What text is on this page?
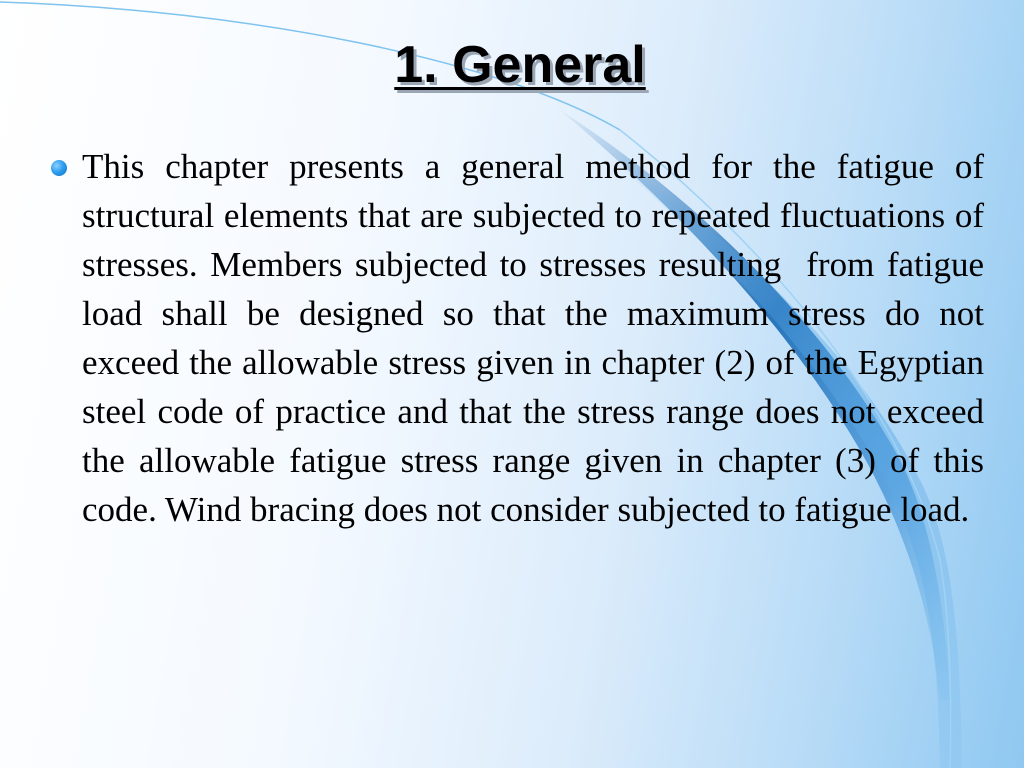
1. General

This chapter presents a general method for the fatigue of structural elements that are subjected to repeated fluctuations of stresses. Members subjected to stresses resulting  from fatigue load shall be designed so that the maximum stress do not exceed the allowable stress given in chapter (2) of the Egyptian steel code of practice and that the stress range does not exceed the allowable fatigue stress range given in chapter (3) of this code. Wind bracing does not consider subjected to fatigue load.
